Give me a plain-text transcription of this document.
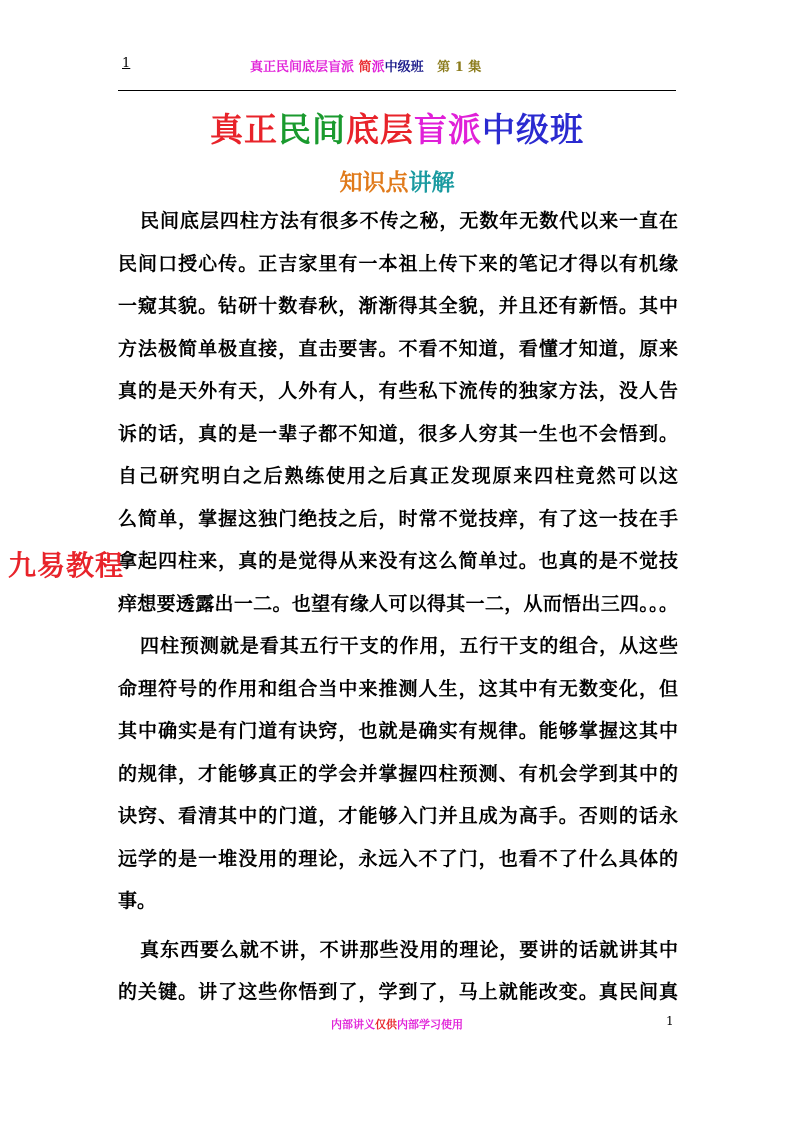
1	真正民间底层盲派 简派中级班 第 1 集
真正民间底层盲派中级班
知识点讲解
民间底层四柱方法有很多不传之秘，无数年无数代以来一直在
民间口授心传。正吉家里有一本祖上传下来的笔记才得以有机缘
一窥其貌。钻研十数春秋，渐渐得其全貌，并且还有新悟。其中
方法极简单极直接，直击要害。不看不知道，看懂才知道，原来
真的是天外有天，人外有人，有些私下流传的独家方法，没人告
诉的话，真的是一辈子都不知道，很多人穷其一生也不会悟到。
自己研究明白之后熟练使用之后真正发现原来四柱竟然可以这
么简单，掌握这独门绝技之后，时常不觉技痒，有了这一技在手
拿起四柱来，真的是觉得从来没有这么简单过。也真的是不觉技
痒想要透露出一二。也望有缘人可以得其一二，从而悟出三四。。。
四柱预测就是看其五行干支的作用，五行干支的组合，从这些
命理符号的作用和组合当中来推测人生，这其中有无数变化，但
其中确实是有门道有诀窍，也就是确实有规律。能够掌握这其中
的规律，才能够真正的学会并掌握四柱预测、有机会学到其中的
诀窍、看清其中的门道，才能够入门并且成为高手。否则的话永
远学的是一堆没用的理论，永远入不了门，也看不了什么具体的
事。
真东西要么就不讲，不讲那些没用的理论，要讲的话就讲其中
的关键。讲了这些你悟到了，学到了，马上就能改变。真民间真
九易教程
内部讲义仅供内部学习使用	1
